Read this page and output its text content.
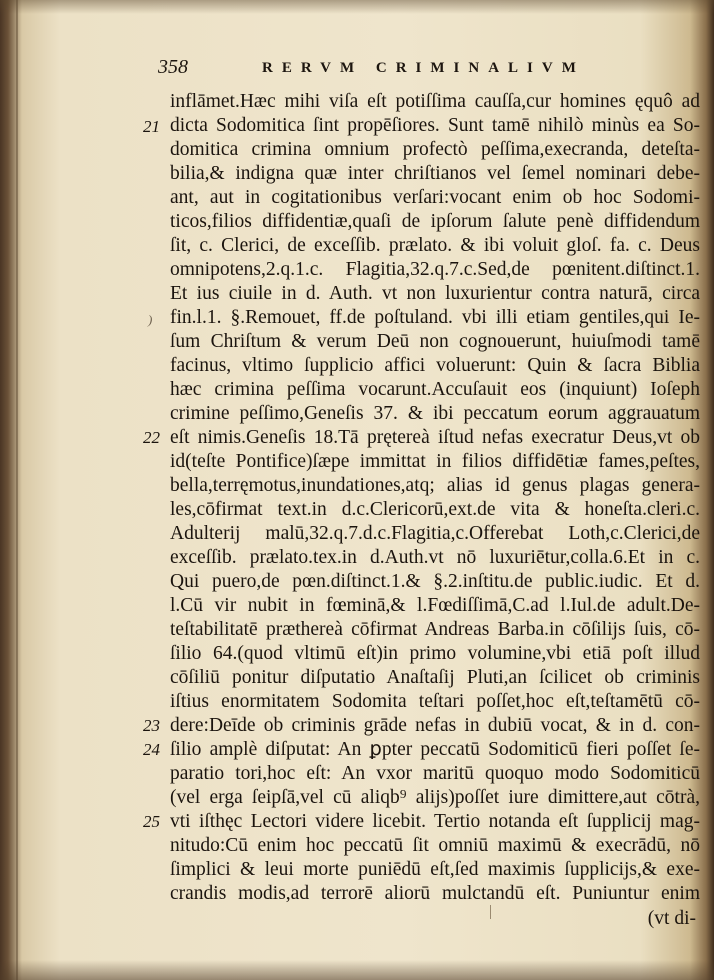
358	RERVM CRIMINALIVM
inflāmet.Hæc mihi viſa eſt potiſſima cauſſa,cur homines ęquô ad
dicta Sodomitica ſint propēſiores. Sunt tamē nihilò minùs ea So-
domitica crimina omnium profectò peſſima,execranda, deteſta-
bilia,& indigna quæ inter chriſtianos vel ſemel nominari debe-
ant, aut in cogitationibus verſari:vocant enim ob hoc Sodomi-
ticos,filios diffidentiæ,quaſi de ipſorum ſalute penè diffidendum
ſit, c. Clerici, de exceſſib. prælato. & ibi voluit gloſ. fa. c. Deus
omnipotens,2.q.1.c. Flagitia,32.q.7.c.Sed,de pœnitent.diſtinct.1.
Et ius ciuile in d. Auth. vt non luxurientur contra naturā, circa
fin.l.1. §.Remouet, ff.de poſtuland. vbi illi etiam gentiles,qui Ie-
ſum Chriſtum & verum Deū non cognouerunt, huiuſmodi tamē
facinus, vltimo ſupplicio affici voluerunt: Quin & ſacra Biblia
hæc crimina peſſima vocarunt.Accuſauit eos (inquiunt) Ioſeph
crimine peſſimo,Geneſis 37. & ibi peccatum eorum aggrauatum
eſt nimis.Geneſis 18.Tā prętereà iſtud nefas execratur Deus,vt ob
id(teſte Pontifice)ſæpe immittat in filios diffidētiæ fames,peſtes,
bella,terręmotus,inundationes,atq; alias id genus plagas genera-
les,cōfirmat text.in d.c.Clericorū,ext.de vita & honeſta.cleri.c.
Adulterij malū,32.q.7.d.c.Flagitia,c.Offerebat Loth,c.Clerici,de
exceſſib. prælato.tex.in d.Auth.vt nō luxuriētur,colla.6.Et in c.
Qui puero,de pœn.diſtinct.1.& §.2.inſtitu.de public.iudic. Et d.
l.Cū vir nubit in fœminā,& l.Fœdiſſimā,C.ad l.Iul.de adult.De-
teſtabilitatē præthereà cōfirmat Andreas Barba.in cōſilijs ſuis, cō-
ſilio 64.(quod vltimū eſt)in primo volumine,vbi etiā poſt illud
cōſiliū ponitur diſputatio Anaſtaſij Pluti,an ſcilicet ob criminis
iſtius enormitatem Sodomita teſtari poſſet,hoc eſt,teſtamētū cō-
dere:Deīde ob criminis grāde nefas in dubiū vocat, & in d. con-
ſilio amplè diſputat: An ꝑpter peccatū Sodomiticū fieri poſſet ſe-
paratio tori,hoc eſt: An vxor maritū quoquo modo Sodomiticū
(vel erga ſeipſā,vel cū aliqb⁹ alijs)poſſet iure dimittere,aut cōtrà,
vti iſthęc Lectori videre licebit. Tertio notanda eſt ſupplicij mag-
nitudo:Cū enim hoc peccatū ſit omniū maximū & execrādū, nō
ſimplici & leui morte puniēdū eſt,ſed maximis ſupplicijs,& exe-
crandis modis,ad terrorē aliorū mulctandū eſt. Puniuntur enim
21
)
22
23
24
25
(vt di-
